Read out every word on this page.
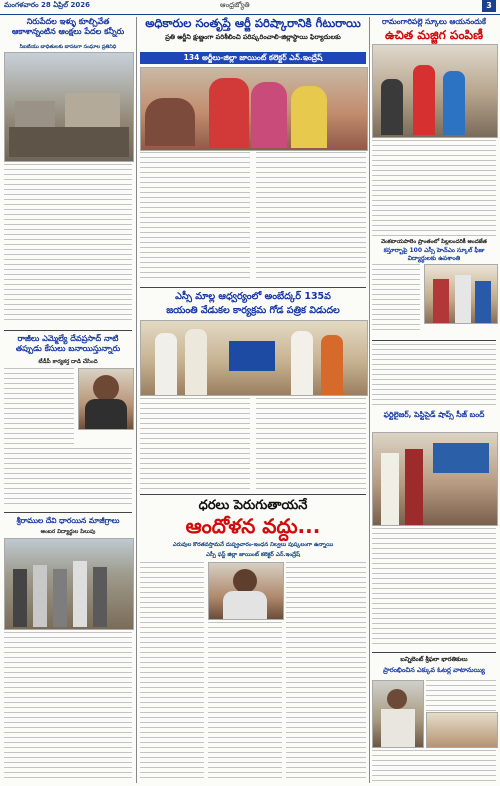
మంగళవారం 28 ఏప్రిల్ 2026	ఆంధ్రజ్యోతి	3
నిరుపేదల ఇళ్ళు కూల్చివేత ఆకాశాన్నంటిన ఆంక్షలు పేదల కన్నీరు
సిఐటియు బాధితులకు బాసటగా సంఘాల ప్రతినిధి
అధికారుల సంతృప్తే ఆర్జీ పరిష్కారానికి గీటురాయి
ప్రతి అర్జీని క్షుణ్ణంగా పరిశీలించి పరిష్కరించాలి-జిల్లాస్థాయి ఫిర్యాదులకు
134 అర్జీలు-జిల్లా జాయింట్ కలెక్టర్ ఎన్.ఇంద్రేష్
రామంగారిపల్లె స్కూలు ఆయనందుకే
ఉచిత మజ్జిగ పంపిణీ
వెంకటాయపాలెం ప్రాంతంలో పిల్లలందరికీ అందజేత
కస్తూర్బాపై 100 ఎస్సీ హెచ్ఎం స్కూల్ ఫీజు విద్యార్థులకు ఉపశాంతి
రాజీలు ఎమ్మెల్యే దేవప్రసాద్ నాటి తప్పుడు కేసులు బనాయిస్తున్నారు
టీడీపీ కార్యకర్త దాడి చేసింది
ఎస్సీ మాల్ల ఆధ్వర్యంలో అంబేద్కర్ 135వ
జయంతి వేడుకల కార్యక్రమ గోడ పత్రిక విడుదల
ధరలు పెరుగుతాయనే
ఆందోళన వద్దు...
ఎరువుల కొరతవస్తామనే దుష్ప్రచారం-ఇంధన నిల్వలు పుష్కలంగా ఉన్నాయి
ఎస్పీ ఫస్ట్ జిల్లా జాయింట్ కలెక్టర్ ఎన్.ఇంద్రేష్
శ్రీరాముల దేవి ధారయిన మాజీగ్రాలు
అంబర విద్యార్థుల పిలుపు
ఫర్టిలైజర్, పెస్టిసైడ్ షాప్స్ సీజ్ బంద్
బన్నిబెంట్ శ్రీఫలా భారతికులు
ప్రారంభించిన ఎక్కువ ఓటర్ల వాటానుయ్యి
